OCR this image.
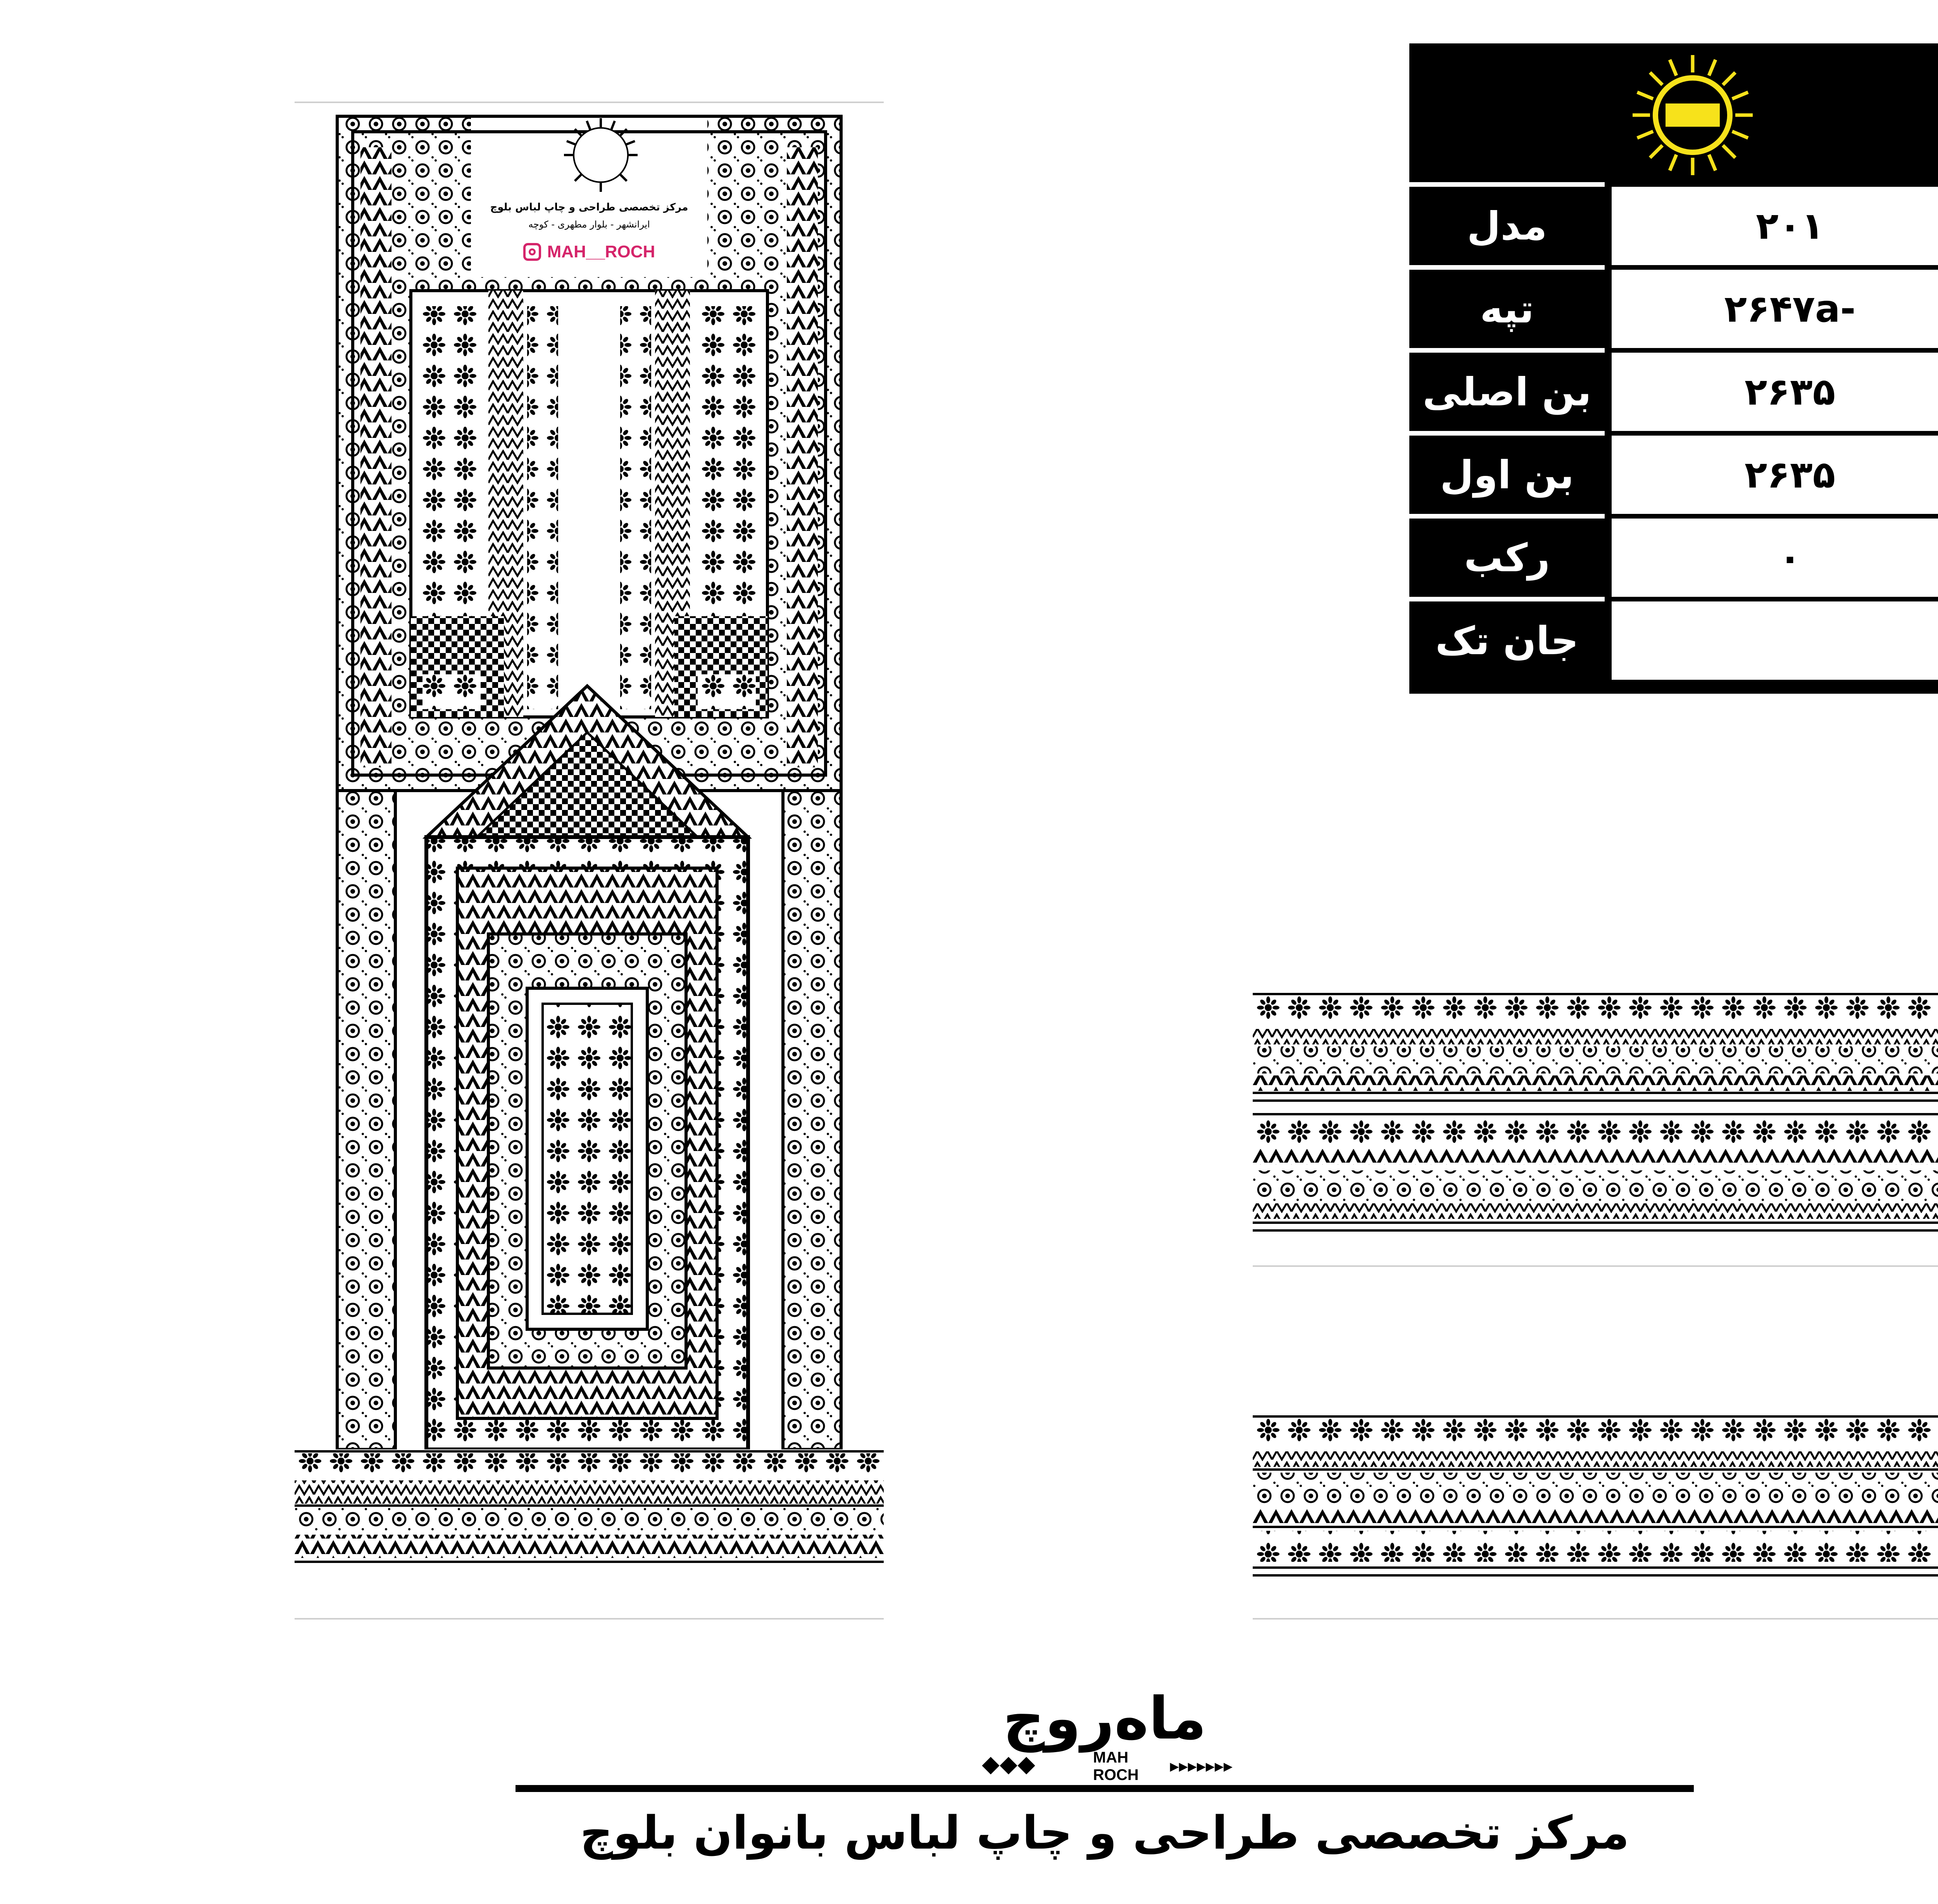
مرکز تخصصی طراحی و چاپ لباس بلوچ
ایرانشهر - بلوار مطهری - کوچه
MAH__ROCH
مدل	۲۰۱
تپه	-۲۶۴۷a
بن اصلی	۲۶۳۵
بن اول	۲۶۳۵
رکب	۰
جان تک
ماه‌روچ
MAH ROCH	▶▶▶▶▶▶▶
مرکز تخصصی طراحی و چاپ لباس بانوان بلوچ
